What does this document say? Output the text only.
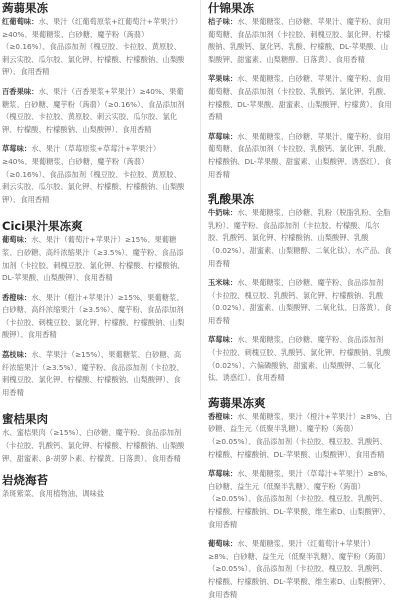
蒟蒻果冻

红葡萄味：水、果汁（红葡萄原浆+红葡萄汁+苹果汁）≥40%、果葡糖浆、白砂糖、魔芋粉（蒟蒻）（≥0.16%）、食品添加剂（槐豆胶、卡拉胶、黄原胶、刺云实胶、瓜尔胶、氯化钾、柠檬酸、柠檬酸钠、山梨酸钾）、食用香精

百香果味：水、果汁（百香果浆+苹果汁）≥40%、果葡糖浆、白砂糖、魔芋粉（蒟蒻）（≥0.16%）、食品添加剂（槐豆胶、卡拉胶、黄原胶、刺云实胶、瓜尔胶、氯化钾、柠檬酸、柠檬酸钠、山梨酸钾）、食用香精

草莓味：水、果汁（草莓原浆+草莓汁+苹果汁）≥40%、果葡糖浆、白砂糖、魔芋粉（蒟蒻）（≥0.16%）、食品添加剂（槐豆胶、卡拉胶、黄原胶、刺云实胶、瓜尔胶、氯化钾、柠檬酸、柠檬酸钠、山梨酸钾）、食用香精

Cici果汁果冻爽

葡萄味：水、果汁（葡萄汁+苹果汁）≥15%、果葡糖浆、白砂糖、高纤浓缩果汁（≥3.5%）、魔芋粉、食品添加剂（卡拉胶、刺槐豆胶、氯化钾、柠檬酸、柠檬酸钠、DL-苹果酸、山梨酸钾）、食用香精

香橙味：水、果汁（橙汁+苹果汁）≥15%、果葡糖浆、白砂糖、高纤浓缩果汁（≥3.5%）、魔芋粉、食品添加剂（卡拉胶、刺槐豆胶、氯化钾、柠檬酸、柠檬酸钠、山梨酸钾）、食用香精

荔枝味：水、苹果汁（≥15%）、果葡糖浆、白砂糖、高纤浓缩果汁（≥3.5%）、魔芋粉、食品添加剂（卡拉胶、刺槐豆胶、氯化钾、柠檬酸、柠檬酸钠、山梨酸钾）、食用香精

蜜桔果肉

水、蜜桔果肉（≥15%）、白砂糖、魔芋粉、食品添加剂（卡拉胶、乳酸钙、氯化钾、柠檬酸、柠檬酸钠、山梨酸钾、甜蜜素、β-胡萝卜素、柠檬黄、日落黄）、食用香精

岩烧海苔

条斑紫菜、食用植物油、调味盐

什锦果冻

桔子味：水、果葡糖浆、白砂糖、苹果汁、魔芋粉、食用葡萄糖、食品添加剂（卡拉胶、刺槐豆胶、氯化钾、柠檬酸钠、乳酸钙、氯化钙、乳酸、柠檬酸、DL-苹果酸、山梨酸钾、甜蜜素、山梨糖醇、日落黄）、食用香精

苹果味：水、果葡糖浆、白砂糖、苹果汁、魔芋粉、食用葡萄糖、食品添加剂（卡拉胶、乳酸钙、氯化钾、乳酸、柠檬酸、DL-苹果酸、甜蜜素、山梨酸钾、柠檬黄）、食用香精

草莓味：水、果葡糖浆、白砂糖、苹果汁、魔芋粉、食用葡萄糖、食品添加剂（卡拉胶、乳酸钙、氯化钾、乳酸、柠檬酸钠、DL-苹果酸、甜蜜素、山梨酸钾、诱惑红）、食用香精

乳酸果冻

牛奶味：水、果葡糖浆、白砂糖、乳粉（脱脂乳粉、全脂乳粉）、魔芋粉、食品添加剂（卡拉胶、柠檬酸、瓜尔胶、乳酸钙、氯化钾、柠檬酸钠、山梨酸钾、乳酸（0.02%）、甜蜜素、山梨糖醇、二氧化钛）、水产品、食用香精

玉米味：水、果葡糖浆、白砂糖、魔芋粉、食品添加剂（卡拉胶、槐豆胶、乳酸钙、氯化钾、柠檬酸钠、乳酸（0.02%）、甜蜜素、山梨酸钾、二氧化钛、日落黄）、食用香精

草莓味：水、果葡糖浆、白砂糖、魔芋粉、食品添加剂（卡拉胶、刺槐豆胶、乳酸钙、氯化钾、柠檬酸钠、乳酸（0.02%）、六偏磷酸钠、甜蜜素、山梨酸钾、二氧化钛、诱惑红）、食用香精

蒟蒻果冻爽

香橙味：水、果葡糖浆、果汁（橙汁+苹果汁）≥8%、白砂糖、益生元（低聚半乳糖）、魔芋粉（蒟蒻）（≥0.05%）、食品添加剂（卡拉胶、槐豆胶、乳酸钙、柠檬酸、柠檬酸钠、DL-苹果酸、山梨酸钾）、食用香精

草莓味：水、果葡糖浆、果汁（草莓汁+苹果汁）≥8%、白砂糖、益生元（低聚半乳糖）、魔芋粉（蒟蒻）（≥0.05%）、食品添加剂（卡拉胶、槐豆胶、乳酸钙、柠檬酸、柠檬酸钠、DL-苹果酸、维生素D、山梨酸钾）、食用香精

葡萄味：水、果葡糖浆、果汁（红葡萄汁+苹果汁）≥8%、白砂糖、益生元（低聚半乳糖）、魔芋粉（蒟蒻）（≥0.05%）、食品添加剂（卡拉胶、槐豆胶、乳酸钙、柠檬酸、柠檬酸钠、DL-苹果酸、维生素D、山梨酸钾）、食用香精
